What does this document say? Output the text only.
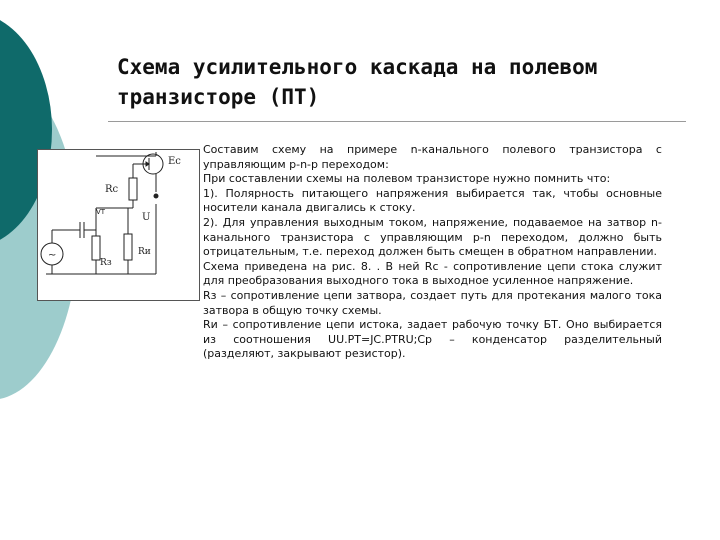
Схема усилительного каскада на полевом
транзисторе (ПТ)
Ec
Rc
VT	U
Rи
Rз
~

Составим схему на примере n-канального полевого транзистора с управляющим p-n-p переходом:

При составлении схемы на полевом транзисторе нужно помнить что:

1). Полярность питающего напряжения выбирается так, чтобы основные носители канала двигались к стоку.

2). Для управления выходным током, напряжение, подаваемое на затвор n-канального транзистора с управляющим p-n переходом, должно быть отрицательным, т.е. переход должен быть смещен в обратном направлении.

Схема приведена на рис. 8. . В ней Rc - сопротивление цепи стока служит для преобразования выходного тока в выходное усиленное напряжение.

Rз – сопротивление цепи затвора, создает путь для протекания малого тока затвора в общую точку схемы.

Rи – сопротивление цепи истока, задает рабочую точку БТ. Оно выбирается из соотношения UU.PT=JC.PTRU;Cр – конденсатор разделительный (разделяют, закрывают резистор).
